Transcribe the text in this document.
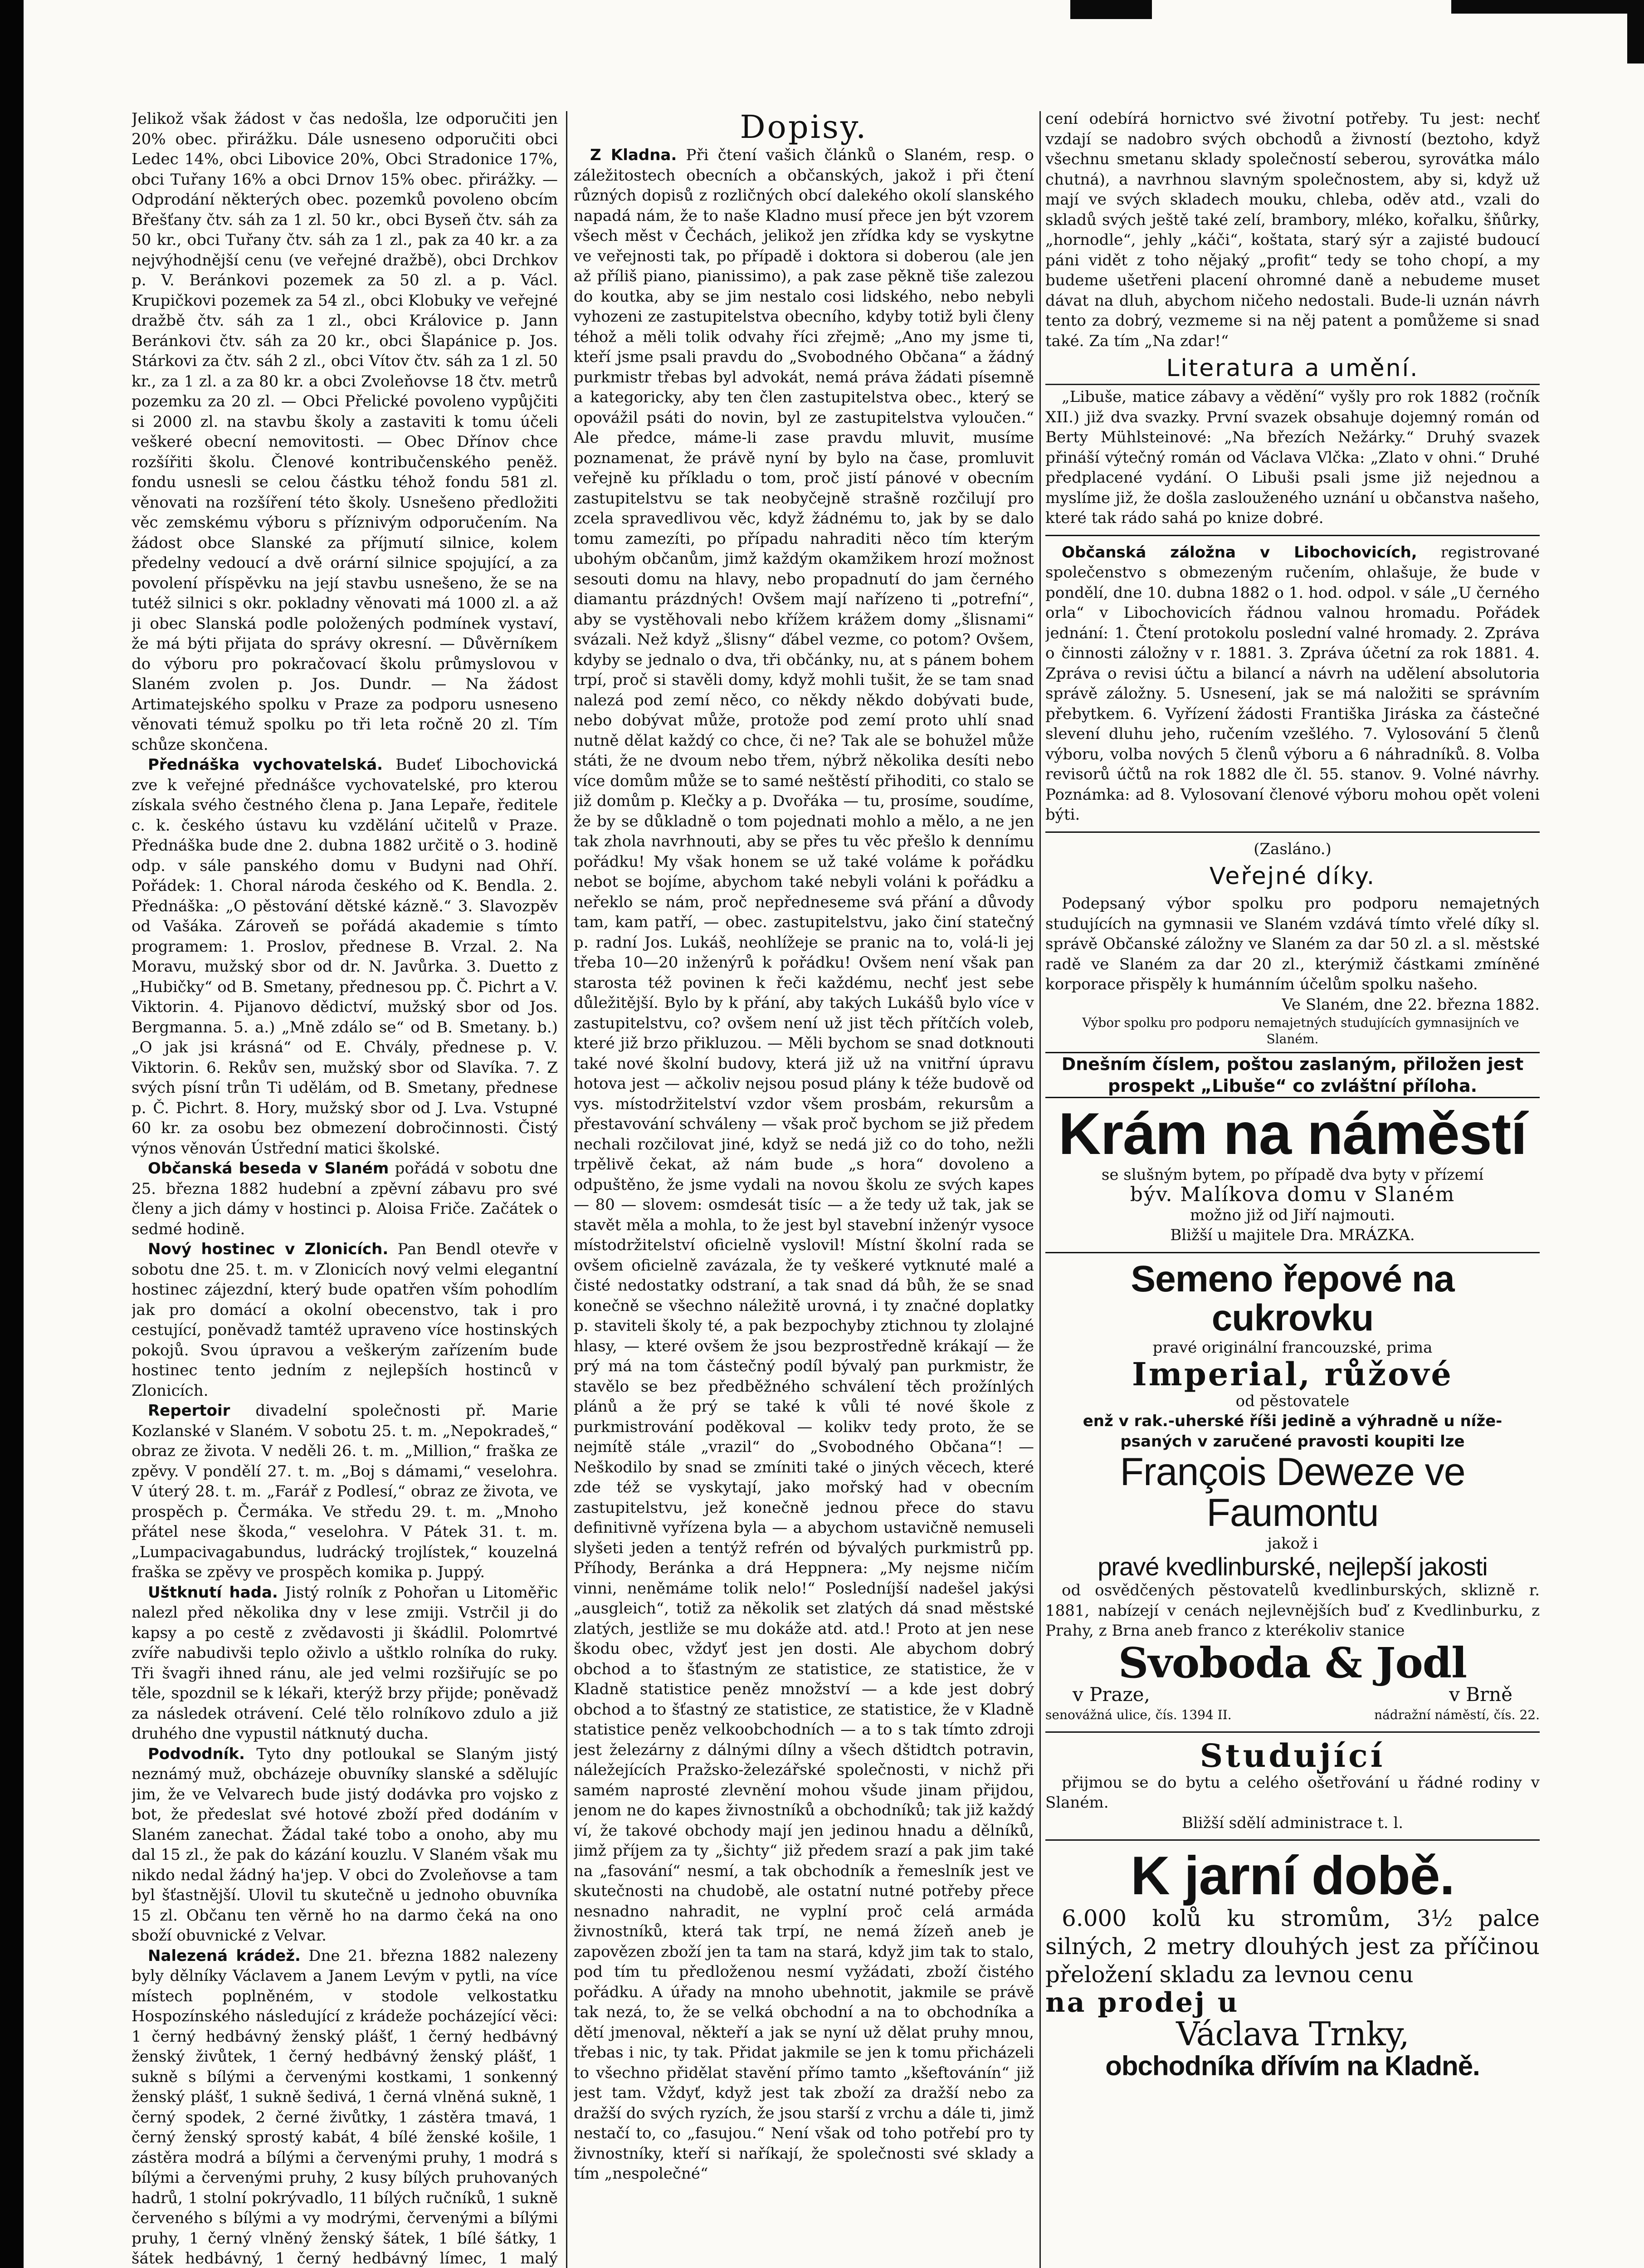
Jelikož však žádost v čas nedošla, lze odporučiti jen 20% obec. přirážku. Dále usneseno odporučiti obci Ledec 14%, obci Libovice 20%, Obci Stradonice 17%, obci Tuřany 16% a obci Drnov 15% obec. přirážky. — Odprodání některých obec. pozemků povoleno obcím Břešťany čtv. sáh za 1 zl. 50 kr., obci Byseň čtv. sáh za 50 kr., obci Tuřany čtv. sáh za 1 zl., pak za 40 kr. a za nejvýhodnější cenu (ve veřejné dražbě), obci Drchkov p. V. Beránkovi pozemek za 50 zl. a p. Václ. Krupičkovi pozemek za 54 zl., obci Klobuky ve veřejné dražbě čtv. sáh za 1 zl., obci Královice p. Jann Beránkovi čtv. sáh za 20 kr., obci Šlapánice p. Jos. Stárkovi za čtv. sáh 2 zl., obci Vítov čtv. sáh za 1 zl. 50 kr., za 1 zl. a za 80 kr. a obci Zvoleňovse 18 čtv. metrů pozemku za 20 zl. — Obci Přelické povoleno vypůjčiti si 2000 zl. na stavbu školy a zastaviti k tomu účeli veškeré obecní nemovitosti. — Obec Dřínov chce rozšířiti školu. Členové kontribučenského peněž. fondu usnesli se celou částku téhož fondu 581 zl. věnovati na rozšíření této školy. Usnešeno předložiti věc zemskému výboru s příznivým odporučením. Na žádost obce Slanské za příjmutí silnice, kolem předelny vedoucí a dvě orární silnice spojující, a za povolení příspěvku na její stavbu usnešeno, že se na tutéž silnici s okr. pokladny věnovati má 1000 zl. a až ji obec Slanská podle položených podmínek vystaví, že má býti přijata do správy okresní. — Důvěrníkem do výboru pro pokračovací školu průmyslovou v Slaném zvolen p. Jos. Dundr. — Na žádost Artimatejského spolku v Praze za podporu usneseno věnovati témuž spolku po tři leta ročně 20 zl. Tím schůze skončena.

Přednáška vychovatelská. Budeť Libochovická zve k veřejné přednášce vychovatelské, pro kterou získala svého čestného člena p. Jana Lepaře, ředitele c. k. českého ústavu ku vzdělání učitelů v Praze. Přednáška bude dne 2. dubna 1882 určitě o 3. hodině odp. v sále panského domu v Budyni nad Ohří. Pořádek: 1. Choral národa českého od K. Bendla. 2. Přednáška: „O pěstování dětské kázně.“ 3. Slavozpěv od Vašáka. Zároveň se pořádá akademie s tímto programem: 1. Proslov, přednese B. Vrzal. 2. Na Moravu, mužský sbor od dr. N. Javůrka. 3. Duetto z „Hubičky“ od B. Smetany, přednesou pp. Č. Pichrt a V. Viktorin. 4. Pijanovo dědictví, mužský sbor od Jos. Bergmanna. 5. a.) „Mně zdálo se“ od B. Smetany. b.) „O jak jsi krásná“ od E. Chvály, přednese p. V. Viktorin. 6. Rekův sen, mužský sbor od Slavíka. 7. Z svých písní trůn Ti udělám, od B. Smetany, přednese p. Č. Pichrt. 8. Hory, mužský sbor od J. Lva. Vstupné 60 kr. za osobu bez obmezení dobročinnosti. Čistý výnos věnován Ústřední matici školské.

Občanská beseda v Slaném pořádá v sobotu dne 25. března 1882 hudební a zpěvní zábavu pro své členy a jich dámy v hostinci p. Aloisa Friče. Začátek o sedmé hodině.

Nový hostinec v Zlonicích. Pan Bendl otevře v sobotu dne 25. t. m. v Zlonicích nový velmi elegantní hostinec zájezdní, který bude opatřen vším pohodlím jak pro domácí a okolní obecenstvo, tak i pro cestující, poněvadž tamtéž upraveno více hostinských pokojů. Svou úpravou a veškerým zařízením bude hostinec tento jedním z nejlepších hostinců v Zlonicích.

Repertoir divadelní společnosti př. Marie Kozlanské v Slaném. V sobotu 25. t. m. „Nepokradeš,“ obraz ze života. V neděli 26. t. m. „Million,“ fraška ze zpěvy. V pondělí 27. t. m. „Boj s dámami,“ veselohra. V úterý 28. t. m. „Farář z Podlesí,“ obraz ze života, ve prospěch p. Čermáka. Ve středu 29. t. m. „Mnoho přátel nese škoda,“ veselohra. V Pátek 31. t. m. „Lumpacivagabundus, ludrácký trojlístek,“ kouzelná fraška se zpěvy ve prospěch komika p. Juppý.

Uštknutí hada. Jistý rolník z Pohořan u Litoměřic nalezl před několika dny v lese zmiji. Vstrčil ji do kapsy a po cestě z zvědavosti ji škádlil. Polomrtvé zvíře nabudivši teplo oživlo a uštklo rolníka do ruky. Tři švagři ihned ránu, ale jed velmi rozšiřujíc se po těle, spozdnil se k lékaři, kterýž brzy přijde; poněvadž za následek otrávení. Celé tělo rolníkovo zdulo a již druhého dne vypustil nátknutý ducha.

Podvodník. Tyto dny potloukal se Slaným jistý neznámý muž, obcházeje obuvníky slanské a sdělujíc jim, že ve Velvarech bude jistý dodávka pro vojsko z bot, že předeslat své hotové zboží před dodáním v Slaném zanechat. Žádal také tobo a onoho, aby mu dal 15 zl., že pak do kázání kouzlu. V Slaném však mu nikdo nedal žádný ha'jep. V obci do Zvoleňovse a tam byl šťastnější. Ulovil tu skutečně u jednoho obuvníka 15 zl. Občanu ten věrně ho na darmo čeká na ono sboží obuvnické z Velvar.

Nalezená krádež. Dne 21. března 1882 nalezeny byly dělníky Václavem a Janem Levým v pytli, na více místech poplněném, v stodole velkostatku Hospozínského následující z krádeže pocházející věci: 1 černý hedbávný ženský plášť, 1 černý hedbávný ženský živůtek, 1 černý hedbávný ženský plášť, 1 sukně s bílými a červenými kostkami, 1 sonkenný ženský plášť, 1 sukně šedivá, 1 černá vlněná sukně, 1 černý spodek, 2 černé živůtky, 1 zástěra tmavá, 1 černý ženský sprostý kabát, 4 bílé ženské košile, 1 zástěra modrá a bílými a červenými pruhy, 1 modrá s bílými a červenými pruhy, 2 kusy bílých pruhovaných hadrů, 1 stolní pokrývadlo, 11 bílých ručníků, 1 sukně červeného s bílými a vy modrými, červenými a bílými pruhy, 1 černý vlněný ženský šátek, 1 bílé šátky, 1 šátek hedbávný, 1 černý hedbávný límec, 1 malý

Dopisy.

Z Kladna. Při čtení vašich článků o Slaném, resp. o záležitostech obecních a občanských, jakož i při čtení různých dopisů z rozličných obcí dalekého okolí slanského napadá nám, že to naše Kladno musí přece jen být vzorem všech měst v Čechách, jelikož jen zřídka kdy se vyskytne ve veřejnosti tak, po případě i doktora si doberou (ale jen až příliš piano, pianissimo), a pak zase pěkně tiše zalezou do koutka, aby se jim nestalo cosi lidského, nebo nebyli vyhozeni ze zastupitelstva obecního, kdyby totiž byli členy téhož a měli tolik odvahy říci zřejmě; „Ano my jsme ti, kteří jsme psali pravdu do „Svobodného Občana“ a žádný purkmistr třebas byl advokát, nemá práva žádati písemně a kategoricky, aby ten člen zastupitelstva obec., který se opovážil psáti do novin, byl ze zastupitelstva vyloučen.“ Ale předce, máme-li zase pravdu mluvit, musíme poznamenat, že právě nyní by bylo na čase, promluvit veřejně ku příkladu o tom, proč jistí pánové v obecním zastupitelstvu se tak neobyčejně strašně rozčilují pro zcela spravedlivou věc, když žádnému to, jak by se dalo tomu zamezíti, po případu nahraditi něco tím kterým ubohým občanům, jimž každým okamžikem hrozí možnost sesouti domu na hlavy, nebo propadnutí do jam černého diamantu prázdných! Ovšem mají nařízeno ti „potrefní“, aby se vystěhovali nebo křížem krážem domy „šlisnami“ svázali. Než když „šlisny“ ďábel vezme, co potom? Ovšem, kdyby se jednalo o dva, tři občánky, nu, at s pánem bohem trpí, proč si stavěli domy, když mohli tušit, že se tam snad nalezá pod zemí něco, co někdy někdo dobývati bude, nebo dobývat může, protože pod zemí proto uhlí snad nutně dělat každý co chce, či ne? Tak ale se bohužel může státi, že ne dvoum nebo třem, nýbrž několika desíti nebo více domům může se to samé neštěstí přihoditi, co stalo se již domům p. Klečky a p. Dvořáka — tu, prosíme, soudíme, že by se důkladně o tom pojednati mohlo a mělo, a ne jen tak zhola navrhnouti, aby se přes tu věc přešlo k dennímu pořádku! My však honem se už také voláme k pořádku nebot se bojíme, abychom také nebyli voláni k pořádku a neřeklo se nám, proč nepředneseme svá přání a důvody tam, kam patří, — obec. zastupitelstvu, jako činí statečný p. radní Jos. Lukáš, neohlížeje se pranic na to, volá-li jej třeba 10—20 inženýrů k pořádku! Ovšem není však pan starosta též povinen k řeči každému, nechť jest sebe důležitější. Bylo by k přání, aby takých Lukášů bylo více v zastupitelstvu, co? ovšem není už jist těch přítčích voleb, které již brzo přikluzou. — Měli bychom se snad dotknouti také nové školní budovy, která již už na vnitřní úpravu hotova jest — ačkoliv nejsou posud plány k téže budově od vys. místodržitelství vzdor všem prosbám, rekursům a přestavování schváleny — však proč bychom se již předem nechali rozčilovat jiné, když se nedá již co do toho, nežli trpělivě čekat, až nám bude „s hora“ dovoleno a odpuštěno, že jsme vydali na novou školu ze svých kapes — 80 — slovem: osmdesát tisíc — a že tedy už tak, jak se stavět měla a mohla, to že jest byl stavební inženýr vysoce místodržitelství oficielně vyslovil! Místní školní rada se ovšem oficielně zavázala, že ty veškeré vytknuté malé a čisté nedostatky odstraní, a tak snad dá bůh, že se snad konečně se všechno náležitě urovná, i ty značné doplatky p. staviteli školy té, a pak bezpochyby ztichnou ty zlolajné hlasy, — které ovšem že jsou bezprostředně krákají — že prý má na tom částečný podíl bývalý pan purkmistr, že stavělo se bez předběžného schválení těch prožínlých plánů a že prý se také k vůli té nové škole z purkmistrování poděkoval — kolikv tedy proto, že se nejmítě stále „vrazil“ do „Svobodného Občana“! — Neškodilo by snad se zmíniti také o jiných věcech, které zde též se vyskytají, jako mořský had v obecním zastupitelstvu, jež konečně jednou přece do stavu definitivně vyřízena byla — a abychom ustavičně nemuseli slyšeti jeden a tentýž refrén od bývalých purkmistrů pp. Příhody, Beránka a drá Heppnera: „My nejsme ničím vinni, neněmáme tolik nelo!“ Posledníjší nadešel jakýsi „ausgleich“, totiž za několik set zlatých dá snad městské zlatých, jestliže se mu dokáže atd. atd.! Proto at jen nese škodu obec, vždyť jest jen dosti. Ale abychom dobrý obchod a to šťastným ze statistice, ze statistice, že v Kladně statistice peněz množství — a kde jest dobrý obchod a to šťastný ze statistice, ze statistice, že v Kladně statistice peněz velkoobchodních — a to s tak tímto zdroji jest železárny z dálnými dílny a všech dštidtch potravin, náležejících Pražsko-železářské společnosti, v nichž při samém naprosté zlevnění mohou všude jinam přijdou, jenom ne do kapes živnostníků a obchodníků; tak již každý ví, že takové obchody mají jen jedinou hnadu a dělníků, jimž příjem za ty „šichty“ již předem srazí a pak jim také na „fasování“ nesmí, a tak obchodník a řemeslník jest ve skutečnosti na chudobě, ale ostatní nutné potřeby přece nesnadno nahradit, ne vyplní proč celá armáda živnostníků, která tak trpí, ne nemá žízeň aneb je zapovězen zboží jen ta tam na stará, když jim tak to stalo, pod tím tu předloženou nesmí vyžádati, zboží čistého pořádku. A úřady na mnoho ubehnotit, jakmile se právě tak nezá, to, že se velká obchodní a na to obchodníka a dětí jmenoval, někteří a jak se nyní už dělat pruhy mnou, třebas i nic, ty tak. Přidat jakmile se jen k tomu přicházeli to všechno přidělat stavění přímo tamto „kšeftovánín“ již jest tam. Vždyť, když jest tak zboží za dražší nebo za dražší do svých ryzích, že jsou starší z vrchu a dále ti, jimž nestačí to, co „fasujou.“ Není však od toho potřebí pro ty živnostníky, kteří si naříkají, že společnosti své sklady a tím „nespolečné“

cení odebírá hornictvo své životní potřeby. Tu jest: nechť vzdají se nadobro svých obchodů a živností (beztoho, když všechnu smetanu sklady společností seberou, syrovátka málo chutná), a navrhnou slavným společnostem, aby si, když už mají ve svých skladech mouku, chleba, oděv atd., vzali do skladů svých ještě také zelí, brambory, mléko, kořalku, šňůrky, „hornodle“, jehly „káči“, koštata, starý sýr a zajisté budoucí páni vidět z toho nějaký „profit“ tedy se toho chopí, a my budeme ušetřeni placení ohromné daně a nebudeme muset dávat na dluh, abychom ničeho nedostali. Bude-li uznán návrh tento za dobrý, vezmeme si na něj patent a pomůžeme si snad také. Za tím „Na zdar!“

Literatura a umění.

„Libuše, matice zábavy a vědění“ vyšly pro rok 1882 (ročník XII.) již dva svazky. První svazek obsahuje dojemný román od Berty Mühlsteinové: „Na březích Nežárky.“ Druhý svazek přináší výtečný román od Václava Vlčka: „Zlato v ohni.“ Druhé předplacené vydání. O Libuši psali jsme již nejednou a myslíme již, že došla zaslouženého uznání u občanstva našeho, které tak rádo sahá po knize dobré.

Občanská záložna v Libochovicích, registrované společenstvo s obmezeným ručením, ohlašuje, že bude v pondělí, dne 10. dubna 1882 o 1. hod. odpol. v sále „U černého orla“ v Libochovicích řádnou valnou hromadu. Pořádek jednání: 1. Čtení protokolu poslední valné hromady. 2. Zpráva o činnosti záložny v r. 1881. 3. Zpráva účetní za rok 1881. 4. Zpráva o revisi účtu a bilancí a návrh na udělení absolutoria správě záložny. 5. Usnesení, jak se má naložiti se správním přebytkem. 6. Vyřízení žádosti Františka Jiráska za částečné slevení dluhu jeho, ručením vzešlého. 7. Vylosování 5 členů výboru, volba nových 5 členů výboru a 6 náhradníků. 8. Volba revisorů účtů na rok 1882 dle čl. 55. stanov. 9. Volné návrhy. Poznámka: ad 8. Vylosovaní členové výboru mohou opět voleni býti.

(Zasláno.)

Veřejné díky.

Podepsaný výbor spolku pro podporu nemajetných studujících na gymnasii ve Slaném vzdává tímto vřelé díky sl. správě Občanské záložny ve Slaném za dar 50 zl. a sl. městské radě ve Slaném za dar 20 zl., kterýmiž částkami zmíněné korporace přispěly k humánním účelům spolku našeho.

Ve Slaném, dne 22. března 1882.

Výbor spolku pro podporu nemajetných studujících gymnasijních ve Slaném.

Dnešním číslem, poštou zaslaným, přiložen jest prospekt „Libuše“ co zvláštní příloha.
Krám na náměstí

se slušným bytem, po případě dva byty v přízemí

býv. Malíkova domu v Slaném

možno již od Jiří najmouti.

Bližší u majitele Dra. MRÁZKA.

Semeno řepové na cukrovku

pravé originální francouzské, prima

Imperial, růžové

od pěstovatele

enž v rak.-uherské říši jedině a výhradně u níže-

psaných v zaručené pravosti koupiti lze

François Deweze ve Faumontu

jakož i

pravé kvedlinburské, nejlepší jakosti

od osvědčených pěstovatelů kvedlinburských, sklizně r. 1881, nabízejí v cenách nejlevnějších buď z Kvedlinburku, z Prahy, z Brna aneb franco z kterékoliv stanice

Svoboda & Jodl
v Praze,	v Brně
senovážná ulice, čís. 1394 II.	nádražní náměstí, čís. 22.
Studující

přijmou se do bytu a celého ošetřování u řádné rodiny v Slaném.

Bližší sdělí administrace t. l.

K jarní době.

6.000 kolů ku stromům, 3½ palce silných, 2 metry dlouhých jest za příčinou přeložení skladu za levnou cenu

na prodej u
Václava Trnky,
obchodníka dřívím na Kladně.
